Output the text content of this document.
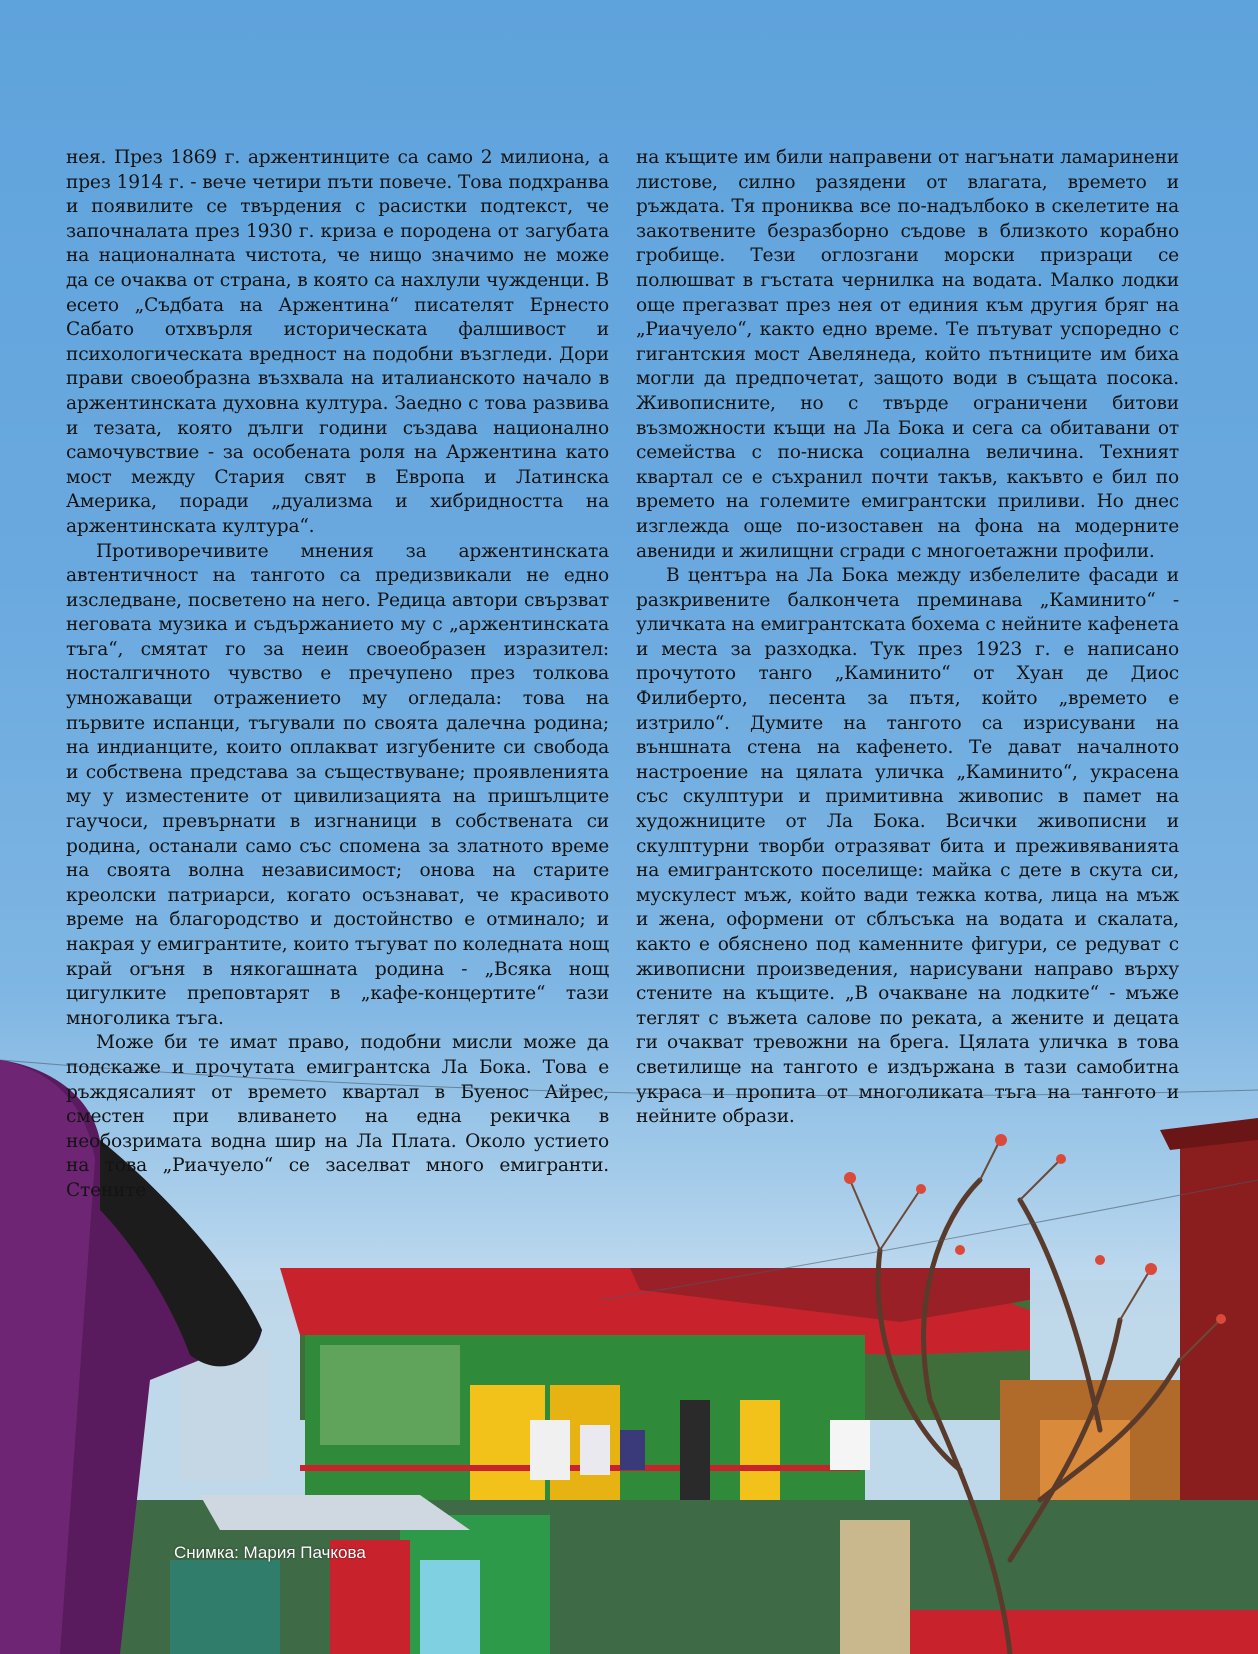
нея. През 1869 г. аржентинците са само 2 милиона, а през 1914 г. - вече четири пъти повече. Това подхранва и появилите се твърдения с расистки подтекст, че започналата през 1930 г. криза е породена от загубата на националната чистота, че нищо значимо не може да се очаква от страна, в която са нахлули чужденци. В есето „Съдбата на Аржентина“ писателят Ернесто Сабато отхвърля историческата фалшивост и психологическата вредност на подобни възгледи. Дори прави своеобразна възхвала на италианското начало в аржентинската духовна култура. Заедно с това развива и тезата, която дълги години създава национално самочувствие - за особената роля на Аржентина като мост между Стария свят в Европа и Латинска Америка, поради „дуализма и хибридността на аржентинската култура“.

Противоречивите мнения за аржентинската автентичност на тангото са предизвикали не едно изследване, посветено на него. Редица автори свързват неговата музика и съдържанието му с „аржентинската тъга“, смятат го за неин своеобразен изразител: носталгичното чувство е пречупено през толкова умножаващи отражението му огледала: това на първите испанци, тъгували по своята далечна родина; на индианците, които оплакват изгубените си свобода и собствена представа за съществуване; проявленията му у изместените от цивилизацията на пришълците гаучоси, превърнати в изгнаници в собствената си родина, останали само със спомена за златното време на своята волна независимост; онова на старите креолски патриарси, когато осъзнават, че красивото време на благородство и достойнство е отминало; и накрая у емигрантите, които тъгуват по коледната нощ край огъня в някогашната родина - „Всяка нощ цигулките преповтарят в „кафе-концертите“ тази многолика тъга.

Може би те имат право, подобни мисли може да подскаже и прочутата емигрантска Ла Бока. Това е ръждясалият от времето квартал в Буенос Айрес, сместен при вливането на една рекичка в необозримата водна шир на Ла Плата. Около устието на това „Риачуело“ се заселват много емигранти. Стените

на къщите им били направени от нагънати ламаринени листове, силно разядени от влагата, времето и ръждата. Тя прониква все по-надълбоко в скелетите на закотвените безразборно съдове в близкото корабно гробище. Тези оглозгани морски призраци се полюшват в гъстата чернилка на водата. Малко лодки още прегазват през нея от единия към другия бряг на „Риачуело“, както едно време. Те пътуват успоредно с гигантския мост Авелянеда, който пътниците им биха могли да предпочетат, защото води в същата посока. Живописните, но с твърде ограничени битови възможности къщи на Ла Бока и сега са обитавани от семейства с по-ниска социална величина. Техният квартал се е съхранил почти такъв, какъвто е бил по времето на големите емигрантски приливи. Но днес изглежда още по-изоставен на фона на модерните авениди и жилищни сгради с многоетажни профили.

В центъра на Ла Бока между избелелите фасади и разкривените балкончета преминава „Каминито“ - уличката на емигрантската бохема с нейните кафенета и места за разходка. Тук през 1923 г. е написано прочутото танго „Каминито“ от Хуан де Диос Филиберто, песента за пътя, който „времето е изтрило“. Думите на тангото са изрисувани на външната стена на кафенето. Те дават началното настроение на цялата уличка „Каминито“, украсена със скулптури и примитивна живопис в памет на художниците от Ла Бока. Всички живописни и скулптурни творби отразяват бита и преживяванията на емигрантското поселище: майка с дете в скута си, мускулест мъж, който вади тежка котва, лица на мъж и жена, оформени от сблъсъка на водата и скалата, както е обяснено под каменните фигури, се редуват с живописни произведения, нарисувани направо върху стените на къщите. „В очакване на лодките“ - мъже теглят с въжета салове по реката, а жените и децата ги очакват тревожни на брега. Цялата уличка в това светилище на тангото е издържана в тази самобитна украса и пропита от многоликата тъга на тангото и нейните образи.

Снимка: Мария Пачкова
